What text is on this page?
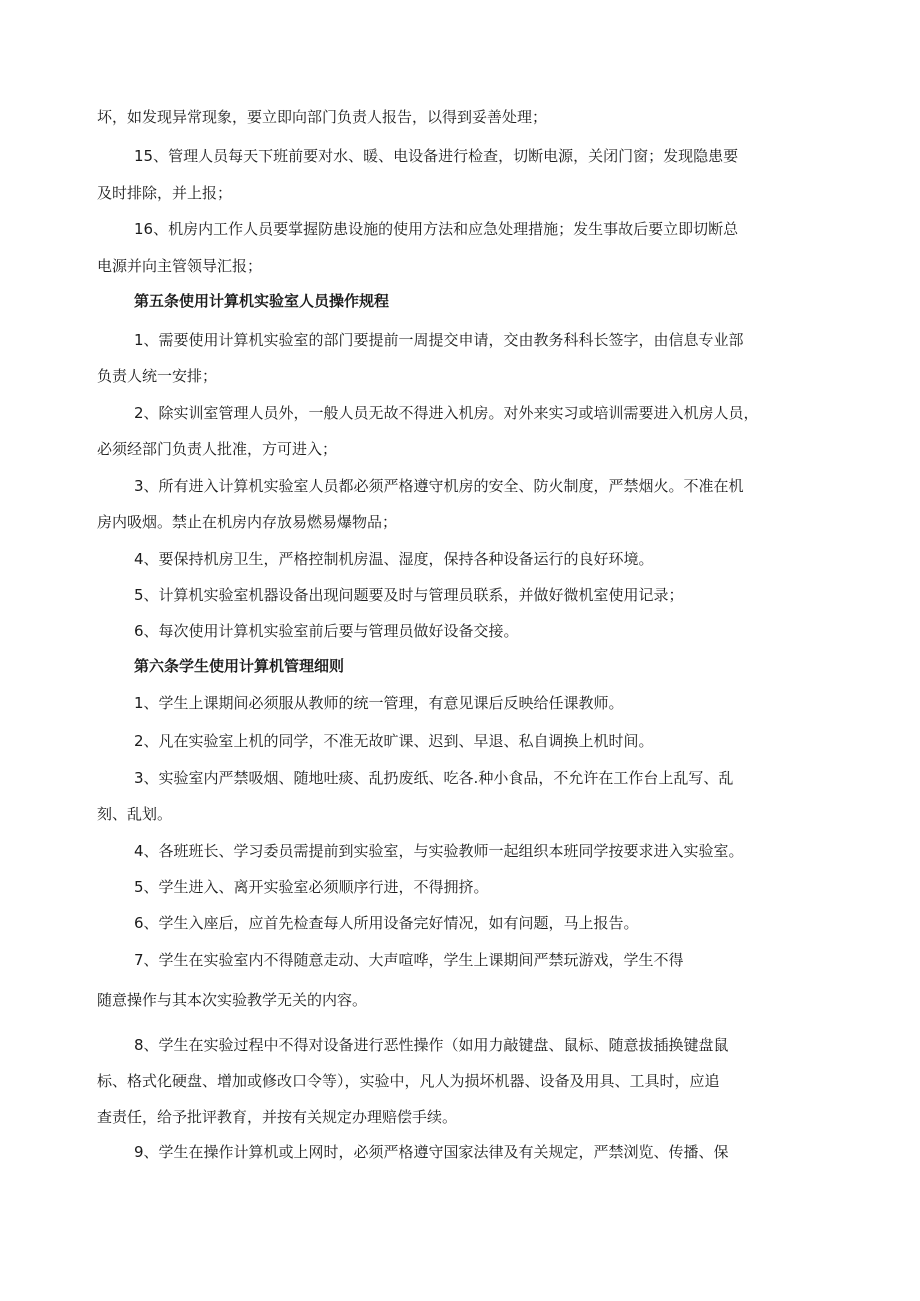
坏，如发现异常现象，要立即向部门负责人报告，以得到妥善处理；
15、管理人员每天下班前要对水、暖、电设备进行检查，切断电源，关闭门窗；发现隐患要
及时排除，并上报；
16、机房内工作人员要掌握防患设施的使用方法和应急处理措施；发生事故后要立即切断总
电源并向主管领导汇报；
第五条使用计算机实验室人员操作规程
1、需要使用计算机实验室的部门要提前一周提交申请，交由教务科科长签字，由信息专业部
负责人统一安排；
2、除实训室管理人员外，一般人员无故不得进入机房。对外来实习或培训需要进入机房人员，
必须经部门负责人批准，方可进入；
3、所有进入计算机实验室人员都必须严格遵守机房的安全、防火制度，严禁烟火。不准在机
房内吸烟。禁止在机房内存放易燃易爆物品；
4、要保持机房卫生，严格控制机房温、湿度，保持各种设备运行的良好环境。
5、计算机实验室机器设备出现问题要及时与管理员联系，并做好微机室使用记录；
6、每次使用计算机实验室前后要与管理员做好设备交接。
第六条学生使用计算机管理细则
1、学生上课期间必须服从教师的统一管理，有意见课后反映给任课教师。
2、凡在实验室上机的同学，不准无故旷课、迟到、早退、私自调换上机时间。
3、实验室内严禁吸烟、随地吐痰、乱扔废纸、吃各.种小食品，不允许在工作台上乱写、乱
刻、乱划。
4、各班班长、学习委员需提前到实验室，与实验教师一起组织本班同学按要求进入实验室。
5、学生进入、离开实验室必须顺序行进，不得拥挤。
6、学生入座后，应首先检查每人所用设备完好情况，如有问题，马上报告。
7、学生在实验室内不得随意走动、大声喧哗，学生上课期间严禁玩游戏，学生不得
随意操作与其本次实验教学无关的内容。
8、学生在实验过程中不得对设备进行恶性操作（如用力敲键盘、鼠标、随意拔插换键盘鼠
标、格式化硬盘、增加或修改口令等），实验中，凡人为损坏机器、设备及用具、工具时，应追
查责任，给予批评教育，并按有关规定办理赔偿手续。
9、学生在操作计算机或上网时，必须严格遵守国家法律及有关规定，严禁浏览、传播、保
